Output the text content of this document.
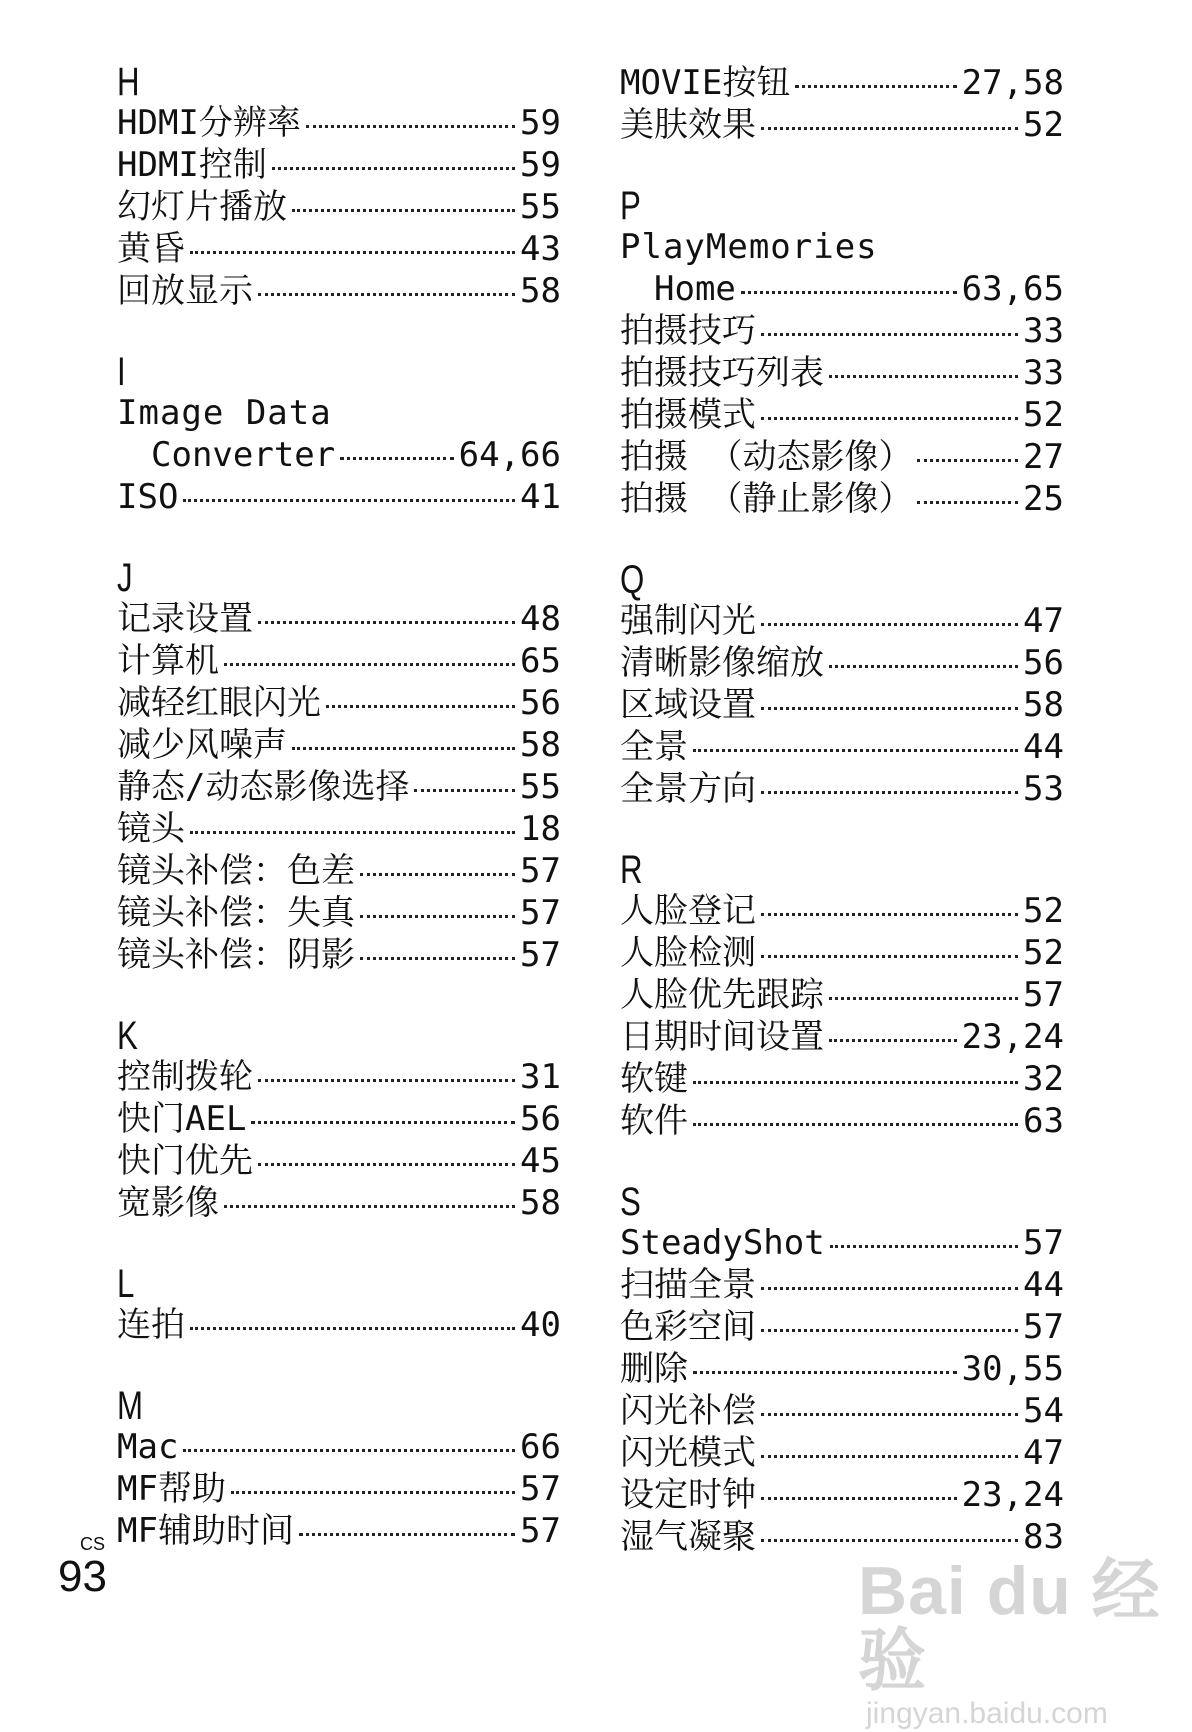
H
HDMI分辨率	59
HDMI控制	59
幻灯片播放	55
黄昏	43
回放显示	58
I
Image Data
Converter	64,66
ISO	41
J
记录设置	48
计算机	65
减轻红眼闪光	56
减少风噪声	58
静态/动态影像选择	55
镜头	18
镜头补偿：色差	57
镜头补偿：失真	57
镜头补偿：阴影	57
K
控制拨轮	31
快门AEL	56
快门优先	45
宽影像	58
L
连拍	40
M
Mac	66
MF帮助	57
MF辅助时间	57
MOVIE按钮	27,58
美肤效果	52
P
PlayMemories
Home	63,65
拍摄技巧	33
拍摄技巧列表	33
拍摄模式	52
拍摄 （动态影像）	27
拍摄 （静止影像）	25
Q
强制闪光	47
清晰影像缩放	56
区域设置	58
全景	44
全景方向	53
R
人脸登记	52
人脸检测	52
人脸优先跟踪	57
日期时间设置	23,24
软键	32
软件	63
S
SteadyShot	57
扫描全景	44
色彩空间	57
删除	30,55
闪光补偿	54
闪光模式	47
设定时钟	23,24
湿气凝聚	83
CS
93	Bai du 经验
jingyan.baidu.com
